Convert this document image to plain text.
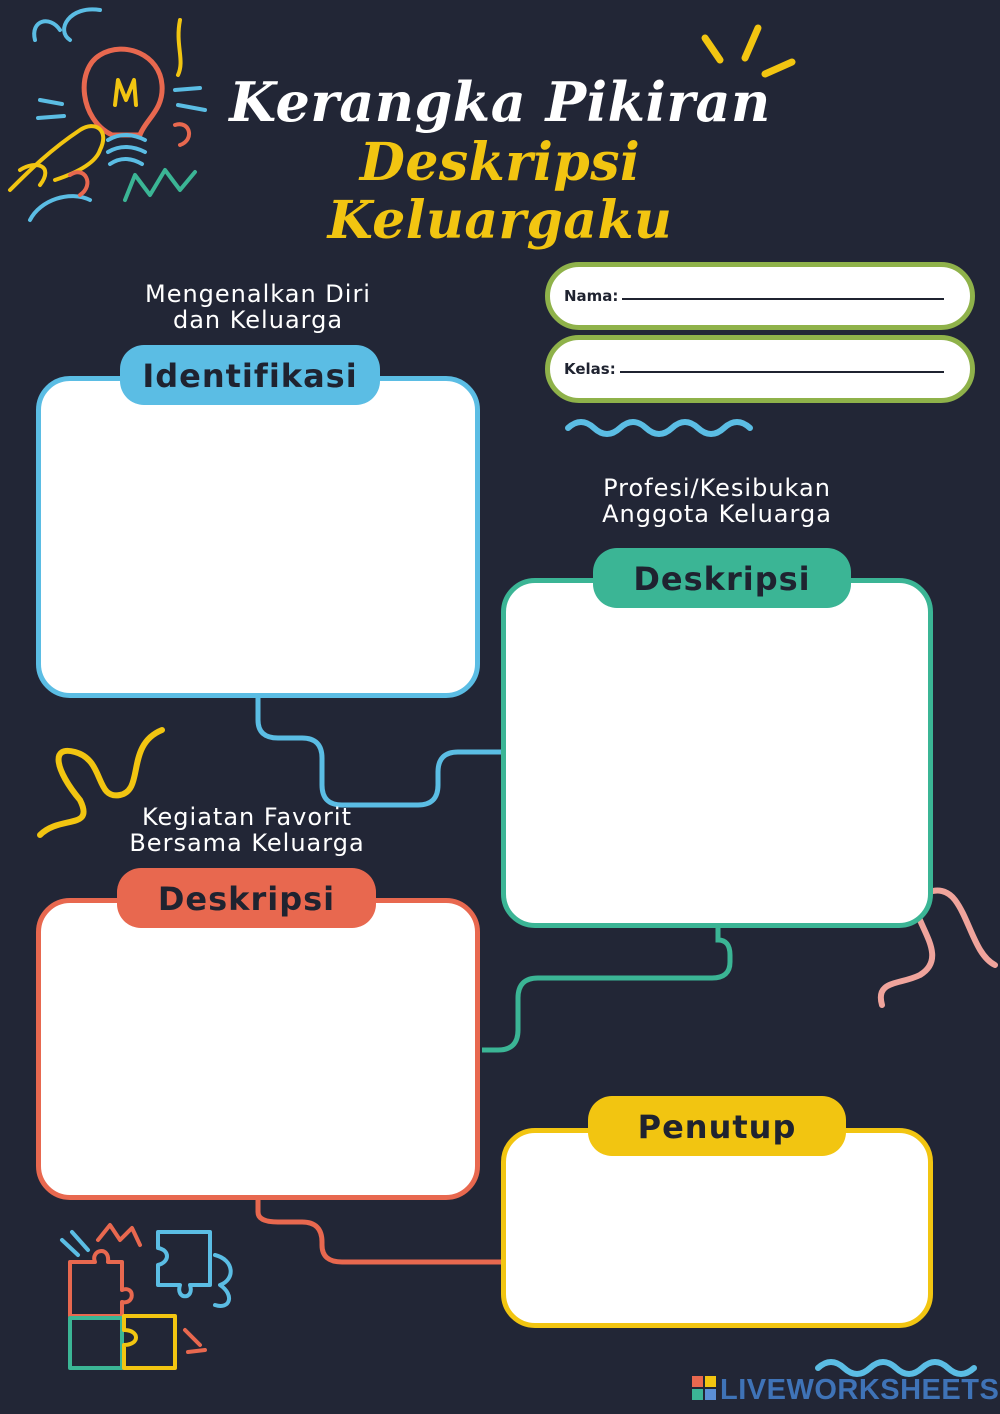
Kerangka Pikiran
Deskripsi
Keluargaku
Nama:
Kelas:
Mengenalkan Diri
dan Keluarga
Identifikasi
Profesi/Kesibukan
Anggota Keluarga
Deskripsi
Kegiatan Favorit
Bersama Keluarga
Deskripsi
Penutup
LIVEWORKSHEETS
